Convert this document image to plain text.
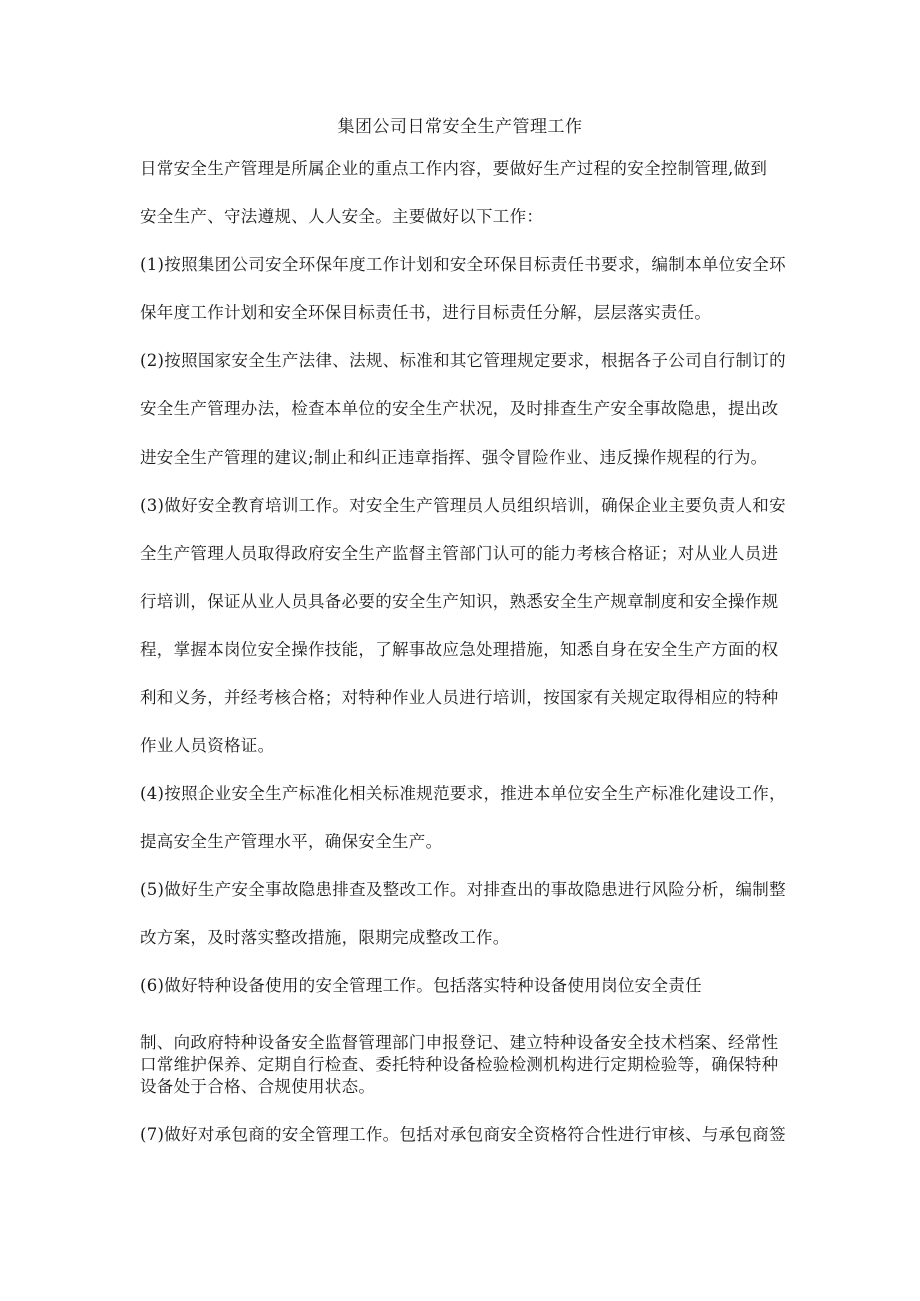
集团公司日常安全生产管理工作
日常安全生产管理是所属企业的重点工作内容，要做好生产过程的安全控制管理,做到
安全生产、守法遵规、人人安全。主要做好以下工作：
(1)按照集团公司安全环保年度工作计划和安全环保目标责任书要求，编制本单位安全环
保年度工作计划和安全环保目标责任书，进行目标责任分解，层层落实责任。
(2)按照国家安全生产法律、法规、标准和其它管理规定要求，根据各子公司自行制订的
安全生产管理办法，检查本单位的安全生产状况，及时排查生产安全事故隐患，提出改
进安全生产管理的建议;制止和纠正违章指挥、强令冒险作业、违反操作规程的行为。
(3)做好安全教育培训工作。对安全生产管理员人员组织培训，确保企业主要负责人和安
全生产管理人员取得政府安全生产监督主管部门认可的能力考核合格证；对从业人员进
行培训，保证从业人员具备必要的安全生产知识，熟悉安全生产规章制度和安全操作规
程，掌握本岗位安全操作技能，了解事故应急处理措施，知悉自身在安全生产方面的权
利和义务，并经考核合格；对特种作业人员进行培训，按国家有关规定取得相应的特种
作业人员资格证。
(4)按照企业安全生产标准化相关标准规范要求，推进本单位安全生产标准化建设工作，
提高安全生产管理水平，确保安全生产。
(5)做好生产安全事故隐患排查及整改工作。对排查出的事故隐患进行风险分析，编制整
改方案，及时落实整改措施，限期完成整改工作。
(6)做好特种设备使用的安全管理工作。包括落实特种设备使用岗位安全责任
制、向政府特种设备安全监督管理部门申报登记、建立特种设备安全技术档案、经常性
口常维护保养、定期自行检查、委托特种设备检验检测机构进行定期检验等，确保特种
设备处于合格、合规使用状态。
(7)做好对承包商的安全管理工作。包括对承包商安全资格符合性进行审核、与承包商签
